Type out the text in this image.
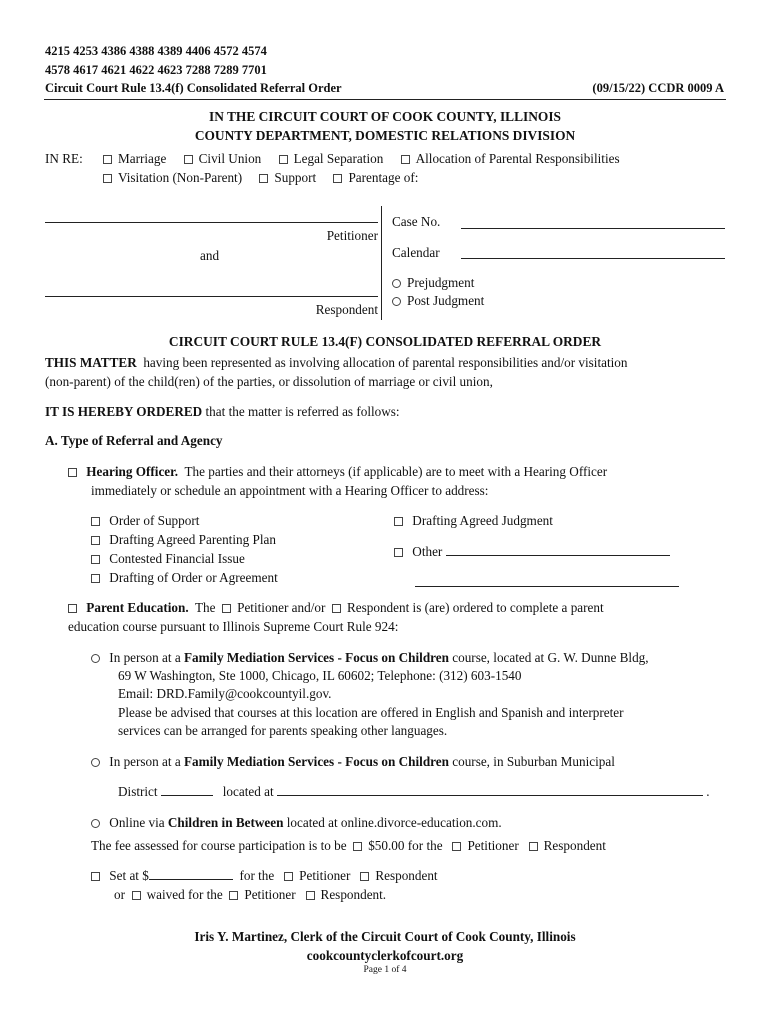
4215 4253 4386 4388 4389 4406 4572 4574
4578 4617 4621 4622 4623 7288 7289 7701
Circuit Court Rule 13.4(f) Consolidated Referral Order	(09/15/22) CCDR 0009 A
IN THE CIRCUIT COURT OF COOK COUNTY, ILLINOIS
COUNTY DEPARTMENT, DOMESTIC RELATIONS DIVISION
IN RE:	Marriage Civil Union Legal Separation Allocation of Parental Responsibilities
Visitation (Non-Parent) Support Parentage of:
Petitioner
and
Respondent
Case No.
Calendar
Prejudgment
Post Judgment
CIRCUIT COURT RULE 13.4(F) CONSOLIDATED REFERRAL ORDER
THIS MATTER having been represented as involving allocation of parental responsibilities and/or visitation
(non-parent) of the child(ren) of the parties, or dissolution of marriage or civil union,
IT IS HEREBY ORDERED that the matter is referred as follows:
A. Type of Referral and Agency
Hearing Officer. The parties and their attorneys (if applicable) are to meet with a Hearing Officer
immediately or schedule an appointment with a Hearing Officer to address:
Order of Support
Drafting Agreed Parenting Plan
Contested Financial Issue
Drafting of Order or Agreement
Drafting Agreed Judgment
Other
Parent Education. The Petitioner and/or Respondent is (are) ordered to complete a parent
education course pursuant to Illinois Supreme Court Rule 924:
In person at a Family Mediation Services - Focus on Children course, located at G. W. Dunne Bldg,
69 W Washington, Ste 1000, Chicago, IL 60602; Telephone: (312) 603-1540
Email: DRD.Family@cookcountyil.gov.
Please be advised that courses at this location are offered in English and Spanish and interpreter
services can be arranged for parents speaking other languages.
In person at a Family Mediation Services - Focus on Children course, in Suburban Municipal
District	located at	.
Online via Children in Between located at online.divorce-education.com.
The fee assessed for course participation is to be $50.00 for the Petitioner Respondent
Set at $	for the Petitioner Respondent
or waived for the Petitioner Respondent.
Iris Y. Martinez, Clerk of the Circuit Court of Cook County, Illinois
cookcountyclerkofcourt.org
Page 1 of 4
